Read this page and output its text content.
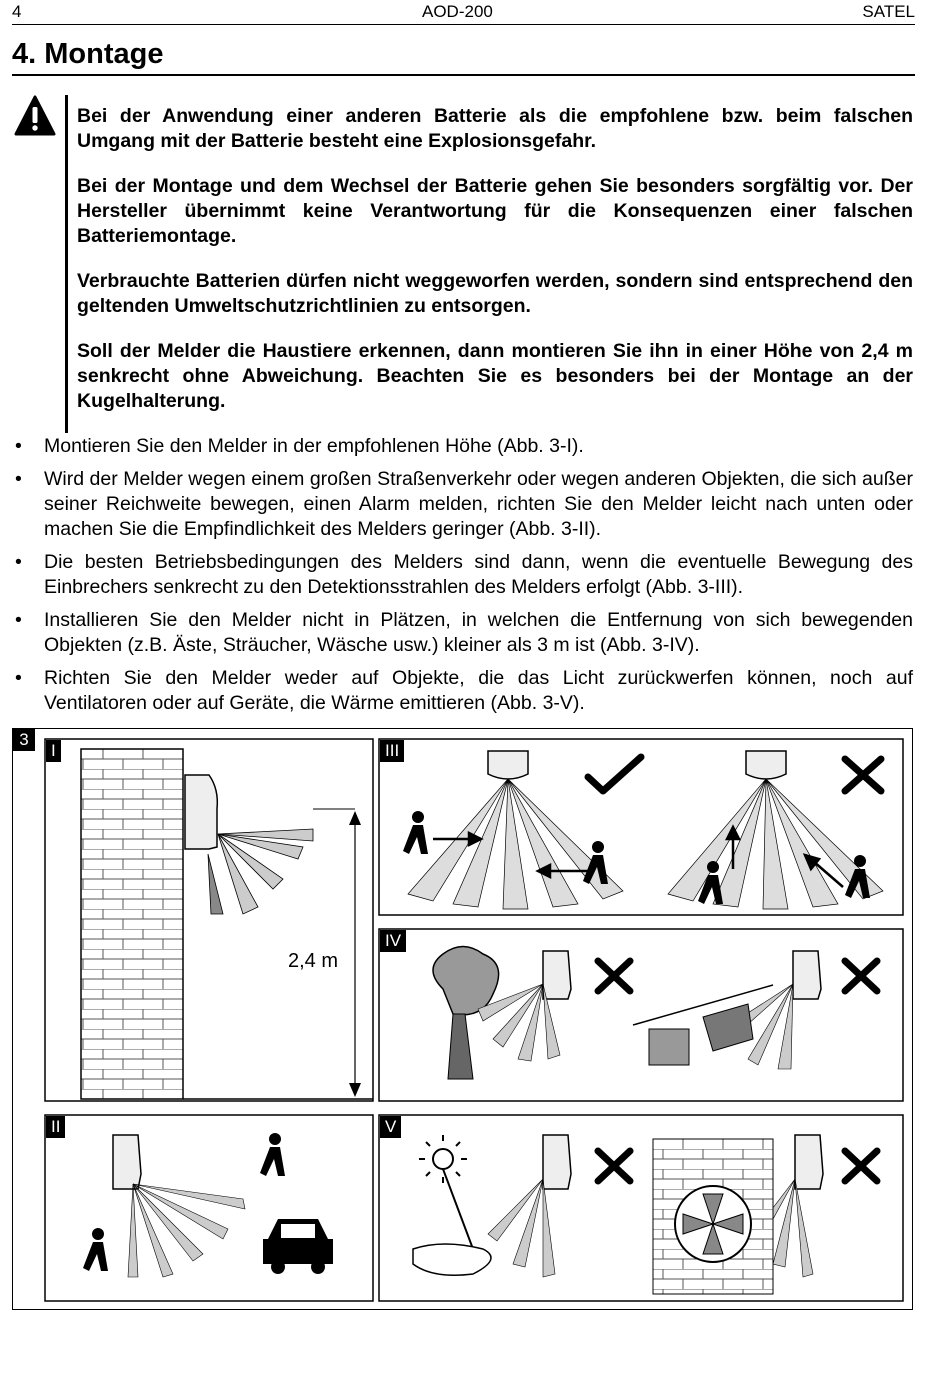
4	AOD-200	SATEL
4. Montage

Bei der Anwendung einer anderen Batterie als die empfohlene bzw. beim falschen Umgang mit der Batterie besteht eine Explosionsgefahr.

Bei der Montage und dem Wechsel der Batterie gehen Sie besonders sorgfältig vor. Der Hersteller übernimmt keine Verantwortung für die Konsequenzen einer falschen Batteriemontage.

Verbrauchte Batterien dürfen nicht weggeworfen werden, sondern sind entsprechend den geltenden Umweltschutzrichtlinien zu entsorgen.

Soll der Melder die Haustiere erkennen, dann montieren Sie ihn in einer Höhe von 2,4 m senkrecht ohne Abweichung. Beachten Sie es besonders bei der Montage an der Kugelhalterung.

• Montieren Sie den Melder in der empfohlenen Höhe (Abb. 3-I).
• Wird der Melder wegen einem großen Straßenverkehr oder wegen anderen Objekten, die sich außer seiner Reichweite bewegen, einen Alarm melden, richten Sie den Melder leicht nach unten oder machen Sie die Empfindlichkeit des Melders geringer (Abb. 3-II).
• Die besten Betriebsbedingungen des Melders sind dann, wenn die eventuelle Bewegung des Einbrechers senkrecht zu den Detektionsstrahlen des Melders erfolgt (Abb. 3-III).
• Installieren Sie den Melder nicht in Plätzen, in welchen die Entfernung von sich bewegenden Objekten (z.B. Äste, Sträucher, Wäsche usw.) kleiner als 3 m ist (Abb. 3-IV).
• Richten Sie den Melder weder auf Objekte, die das Licht zurückwerfen können, noch auf Ventilatoren oder auf Geräte, die Wärme emittieren (Abb. 3-V).
3
I	III
IV
II	V
2,4 m
